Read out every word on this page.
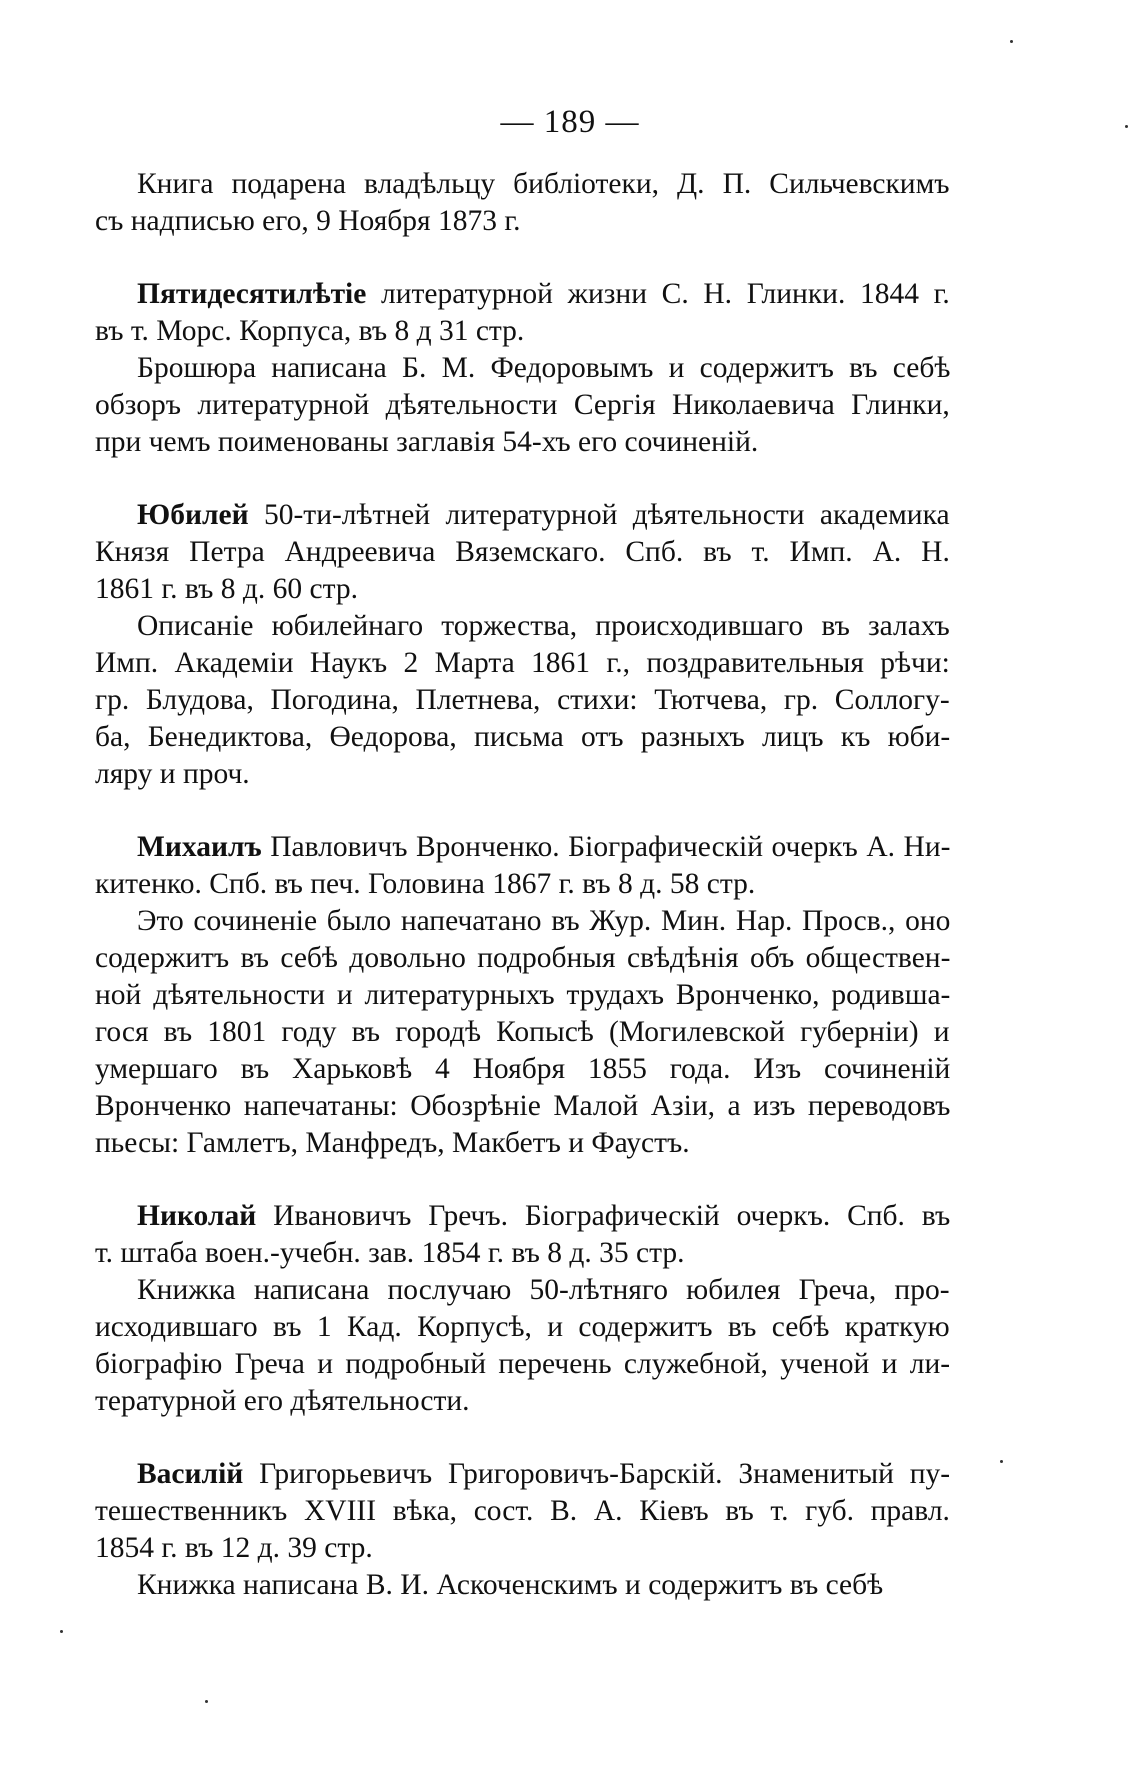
— 189 —
Книга подарена владѣльцу библіотеки, Д. П. Сильчевскимъ
съ надписью его, 9 Ноября 1873 г.
Пятидесятилѣтіе литературной жизни С. Н. Глинки. 1844 г.
въ т. Морс. Корпуса, въ 8 д 31 стр.
Брошюра написана Б. М. Федоровымъ и содержитъ въ себѣ
обзоръ литературной дѣятельности Сергія Николаевича Глинки,
при чемъ поименованы заглавія 54-хъ его сочиненій.
Юбилей 50-ти-лѣтней литературной дѣятельности академика
Князя Петра Андреевича Вяземскаго. Спб. въ т. Имп. А. Н.
1861 г. въ 8 д. 60 стр.
Описаніе юбилейнаго торжества, происходившаго въ залахъ
Имп. Академіи Наукъ 2 Марта 1861 г., поздравительныя рѣчи:
гр. Блудова, Погодина, Плетнева, стихи: Тютчева, гр. Соллогу-
ба, Бенедиктова, Өедорова, письма отъ разныхъ лицъ къ юби-
ляру и проч.
Михаилъ Павловичъ Вронченко. Біографическій очеркъ А. Ни-
китенко. Спб. въ печ. Головина 1867 г. въ 8 д. 58 стр.
Это сочиненіе было напечатано въ Жур. Мин. Нар. Просв., оно
содержитъ въ себѣ довольно подробныя свѣдѣнія объ обществен-
ной дѣятельности и литературныхъ трудахъ Вронченко, родивша-
гося въ 1801 году въ городѣ Копысѣ (Могилевской губерніи) и
умершаго въ Харьковѣ 4 Ноября 1855 года. Изъ сочиненій
Вронченко напечатаны: Обозрѣніе Малой Азіи, а изъ переводовъ
пьесы: Гамлетъ, Манфредъ, Макбетъ и Фаустъ.
Николай Ивановичъ Гречъ. Біографическій очеркъ. Спб. въ
т. штаба воен.-учебн. зав. 1854 г. въ 8 д. 35 стр.
Книжка написана послучаю 50-лѣтняго юбилея Греча, про-
исходившаго въ 1 Кад. Корпусѣ, и содержитъ въ себѣ краткую
біографію Греча и подробный перечень служебной, ученой и ли-
тературной его дѣятельности.
Василій Григорьевичъ Григоровичъ-Барскій. Знаменитый пу-
тешественникъ XVIII вѣка, сост. В. А. Кіевъ въ т. губ. правл.
1854 г. въ 12 д. 39 стр.
Книжка написана В. И. Аскоченскимъ и содержитъ въ себѣ
